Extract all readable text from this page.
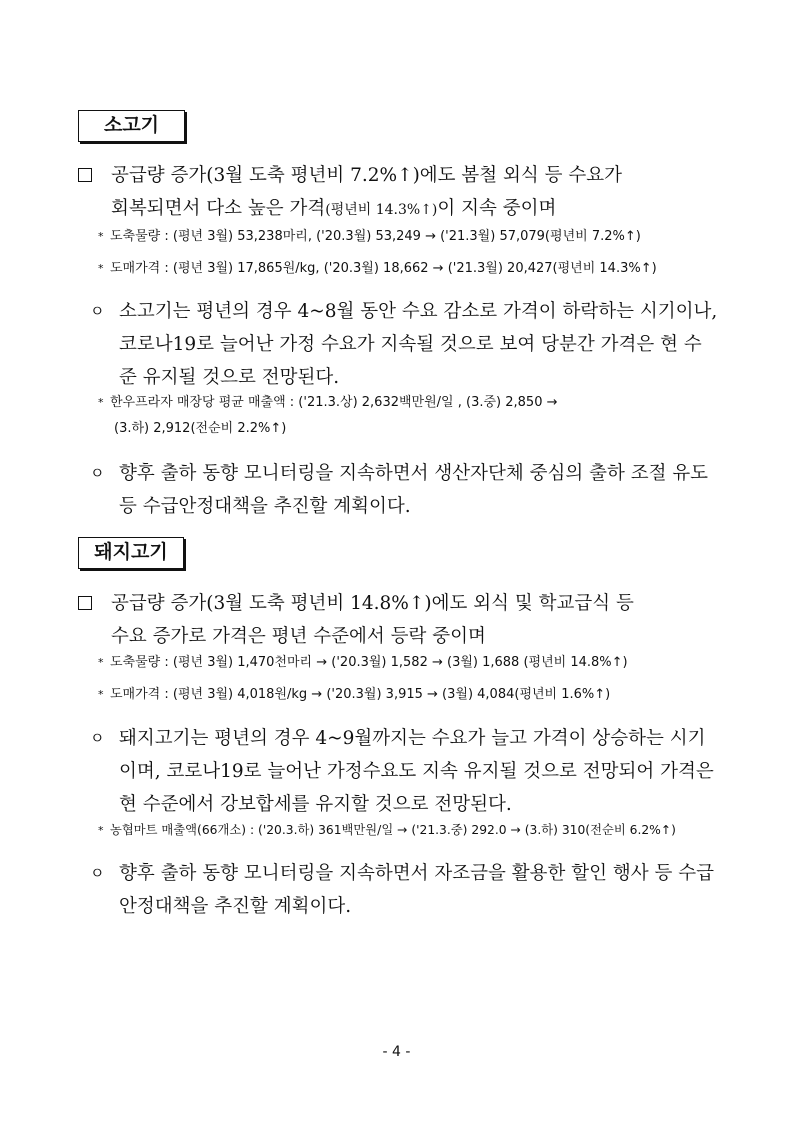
소고기
공급량 증가(3월 도축 평년비 7.2%↑)에도 봄철 외식 등 수요가
회복되면서 다소 높은 가격(평년비 14.3%↑)이 지속 중이며
* 도축물량 : (평년 3월) 53,238마리, ('20.3월) 53,249 → ('21.3월) 57,079(평년비 7.2%↑)
* 도매가격 : (평년 3월) 17,865원/kg, ('20.3월) 18,662 → ('21.3월) 20,427(평년비 14.3%↑)
ㅇ 소고기는 평년의 경우 4~8월 동안 수요 감소로 가격이 하락하는 시기이나, 코로나19로 늘어난 가정 수요가 지속될 것으로 보여 당분간 가격은 현 수준 유지될 것으로 전망된다.
* 한우프라자 매장당 평균 매출액 : ('21.3.상) 2,632백만원/일 , (3.중) 2,850 →
(3.하) 2,912(전순비 2.2%↑)
ㅇ 향후 출하 동향 모니터링을 지속하면서 생산자단체 중심의 출하 조절 유도 등 수급안정대책을 추진할 계획이다.
돼지고기
공급량 증가(3월 도축 평년비 14.8%↑)에도 외식 및 학교급식 등
수요 증가로 가격은 평년 수준에서 등락 중이며
* 도축물량 : (평년 3월) 1,470천마리 → ('20.3월) 1,582 → (3월) 1,688 (평년비 14.8%↑)
* 도매가격 : (평년 3월) 4,018원/kg → ('20.3월) 3,915 → (3월) 4,084(평년비 1.6%↑)
ㅇ 돼지고기는 평년의 경우 4~9월까지는 수요가 늘고 가격이 상승하는 시기이며, 코로나19로 늘어난 가정수요도 지속 유지될 것으로 전망되어 가격은 현 수준에서 강보합세를 유지할 것으로 전망된다.
* 농협마트 매출액(66개소) : ('20.3.하) 361백만원/일 → ('21.3.중) 292.0 → (3.하) 310(전순비 6.2%↑)
ㅇ 향후 출하 동향 모니터링을 지속하면서 자조금을 활용한 할인 행사 등 수급안정대책을 추진할 계획이다.
- 4 -
